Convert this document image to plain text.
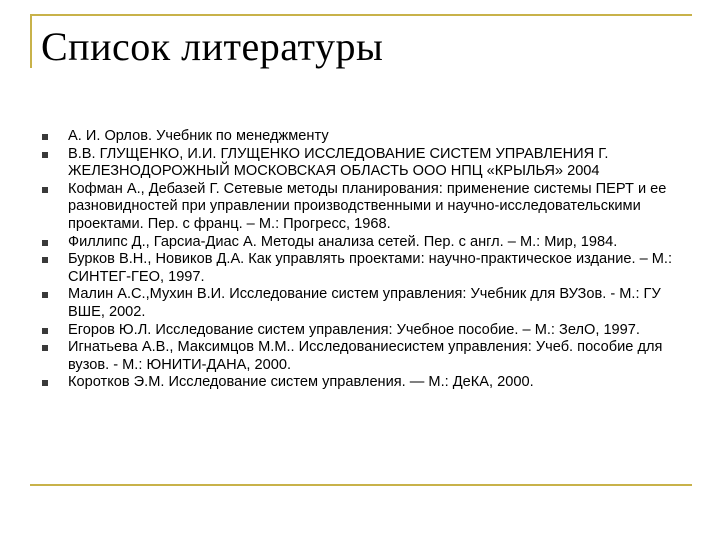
Список литературы
А. И. Орлов. Учебник по менеджменту
В.В. ГЛУЩЕНКО, И.И. ГЛУЩЕНКО ИССЛЕДОВАНИЕ СИСТЕМ УПРАВЛЕНИЯ Г. ЖЕЛЕЗНОДОРОЖНЫЙ МОСКОВСКАЯ ОБЛАСТЬ ООО НПЦ «КРЫЛЬЯ» 2004
Кофман А., Дебазей Г. Сетевые методы планирования: применение системы ПЕРТ и ее разновидностей при управлении производственными и научно-исследовательскими проектами. Пер. с франц. – М.: Прогресс, 1968.
Филлипс Д., Гарсиа-Диас А. Методы анализа сетей. Пер. с англ. – М.: Мир, 1984.
Бурков В.Н., Новиков Д.А. Как управлять проектами: научно-практическое издание. – М.: СИНТЕГ-ГЕО, 1997.
Малин А.С.,Мухин В.И. Исследование систем управления: Учебник для ВУЗов. - М.: ГУ ВШЕ, 2002.
Егоров Ю.Л. Исследование систем управления: Учебное пособие. – М.: ЗелО, 1997.
Игнатьева А.В., Максимцов М.М.. Исследованиесистем управления: Учеб. пособие для вузов. - М.: ЮНИТИ-ДАНА, 2000.
Коротков Э.М. Исследование систем управления. — М.: ДеКА, 2000.
